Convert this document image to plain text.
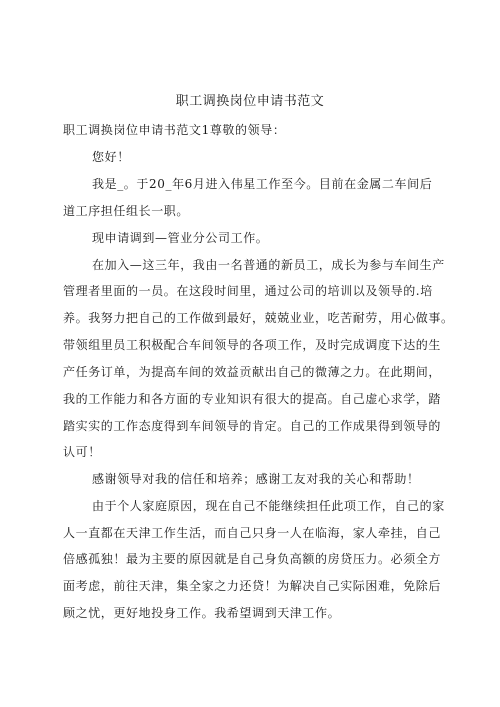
职工调换岗位申请书范文
职工调换岗位申请书范文1尊敬的领导：
您好！
我是_。于20_年6月进入伟星工作至今。目前在金属二车间后
道工序担任组长一职。
现申请调到—管业分公司工作。
在加入—这三年，我由一名普通的新员工，成长为参与车间生产
管理者里面的一员。在这段时间里，通过公司的培训以及领导的.培
养。我努力把自己的工作做到最好，兢兢业业，吃苦耐劳，用心做事。
带领组里员工积极配合车间领导的各项工作，及时完成调度下达的生
产任务订单，为提高车间的效益贡献出自己的微薄之力。在此期间，
我的工作能力和各方面的专业知识有很大的提高。自己虚心求学，踏
踏实实的工作态度得到车间领导的肯定。自己的工作成果得到领导的
认可！
感谢领导对我的信任和培养；感谢工友对我的关心和帮助！
由于个人家庭原因，现在自己不能继续担任此项工作，自己的家
人一直都在天津工作生活，而自己只身一人在临海，家人牵挂，自己
倍感孤独！最为主要的原因就是自己身负高额的房贷压力。必须全方
面考虑，前往天津，集全家之力还贷！为解决自己实际困难，免除后
顾之忧，更好地投身工作。我希望调到天津工作。
